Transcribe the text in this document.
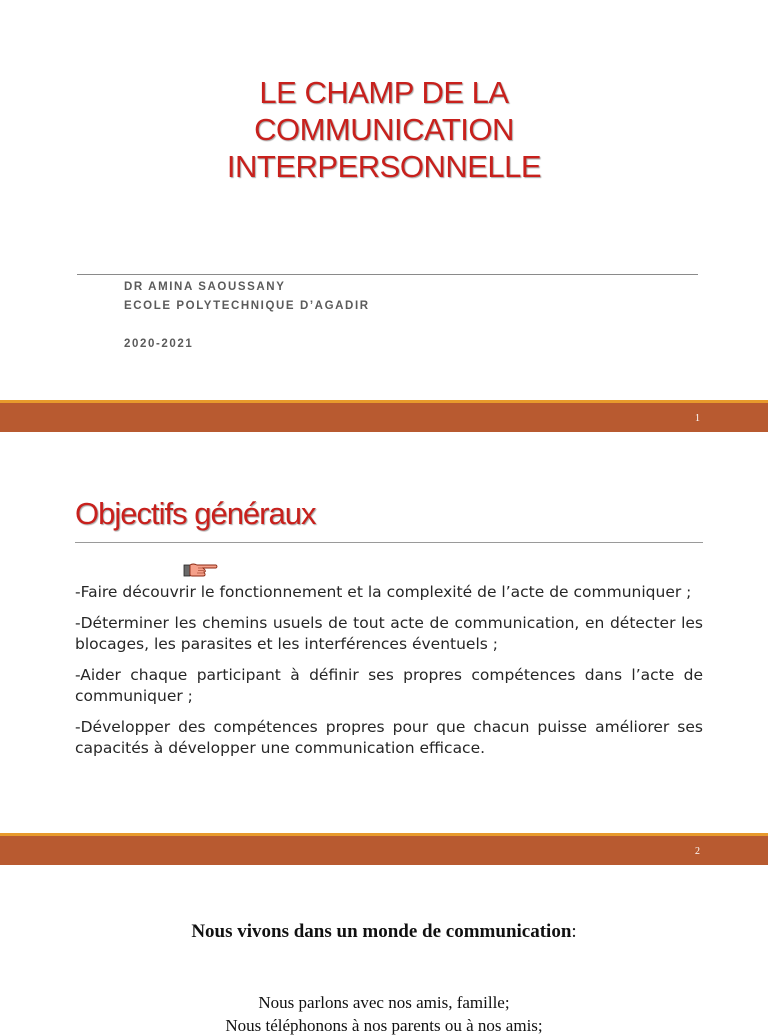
LE CHAMP DE LA
COMMUNICATION
INTERPERSONNELLE
DR AMINA SAOUSSANY
ECOLE POLYTECHNIQUE D’AGADIR
2020-2021
1
Objectifs généraux

-Faire découvrir le fonctionnement et la complexité de l’acte de communiquer ;

-Déterminer les chemins usuels de tout acte de communication, en détecter les blocages, les parasites et les interférences éventuels ;

-Aider chaque participant à définir ses propres compétences dans l’acte de communiquer ;

-Développer des compétences propres pour que chacun puisse améliorer ses capacités à développer une communication efficace.

2
Nous vivons dans un monde de communication:
Nous parlons avec nos amis, famille;
Nous téléphonons à nos parents ou à nos amis;
